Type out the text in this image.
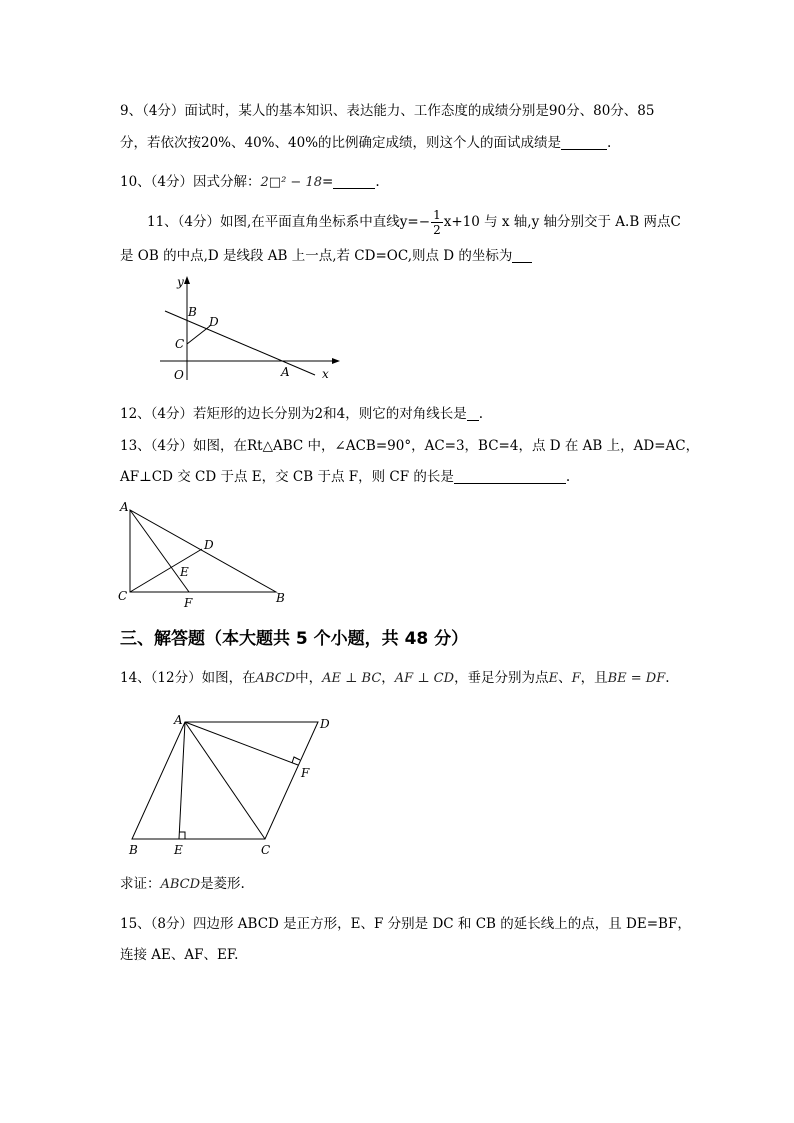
9、（4分）面试时，某人的基本知识、表达能力、工作态度的成绩分别是90分、80分、85
分，若依次按20%、40%、40%的比例确定成绩，则这个人的面试成绩是	.
10、（4分）因式分解：2□² − 18=	.
11、（4分）如图,在平面直角坐标系中直线$y=- \frac{1}{2} x+10$ 与 x 轴,y 轴分别交于 A.B 两点C
是 OB 的中点,D 是线段 AB 上一点,若 CD=OC,则点 D 的坐标为
y
x
O	A
B
C
D
12、（4分）若矩形的边长分别为2和4，则它的对角线长是 .
13、（4分）如图，在Rt△ABC 中，∠ACB=90°，AC=3，BC=4，点 D 在 AB 上，AD=AC，
AF⊥CD 交 CD 于点 E，交 CB 于点 F，则 CF 的长是	.
A
C	B
D
E
F
三、解答题（本大题共 5 个小题，共 48 分）
14、（12分）如图，在ABCD中，AE ⊥ BC，AF ⊥ CD，垂足分别为点E、F，且BE = DF.
A	D
F
B	E	C
求证：ABCD是菱形.
15、（8分）四边形 ABCD 是正方形，E、F 分别是 DC 和 CB 的延长线上的点，且 DE=BF，
连接 AE、AF、EF.
